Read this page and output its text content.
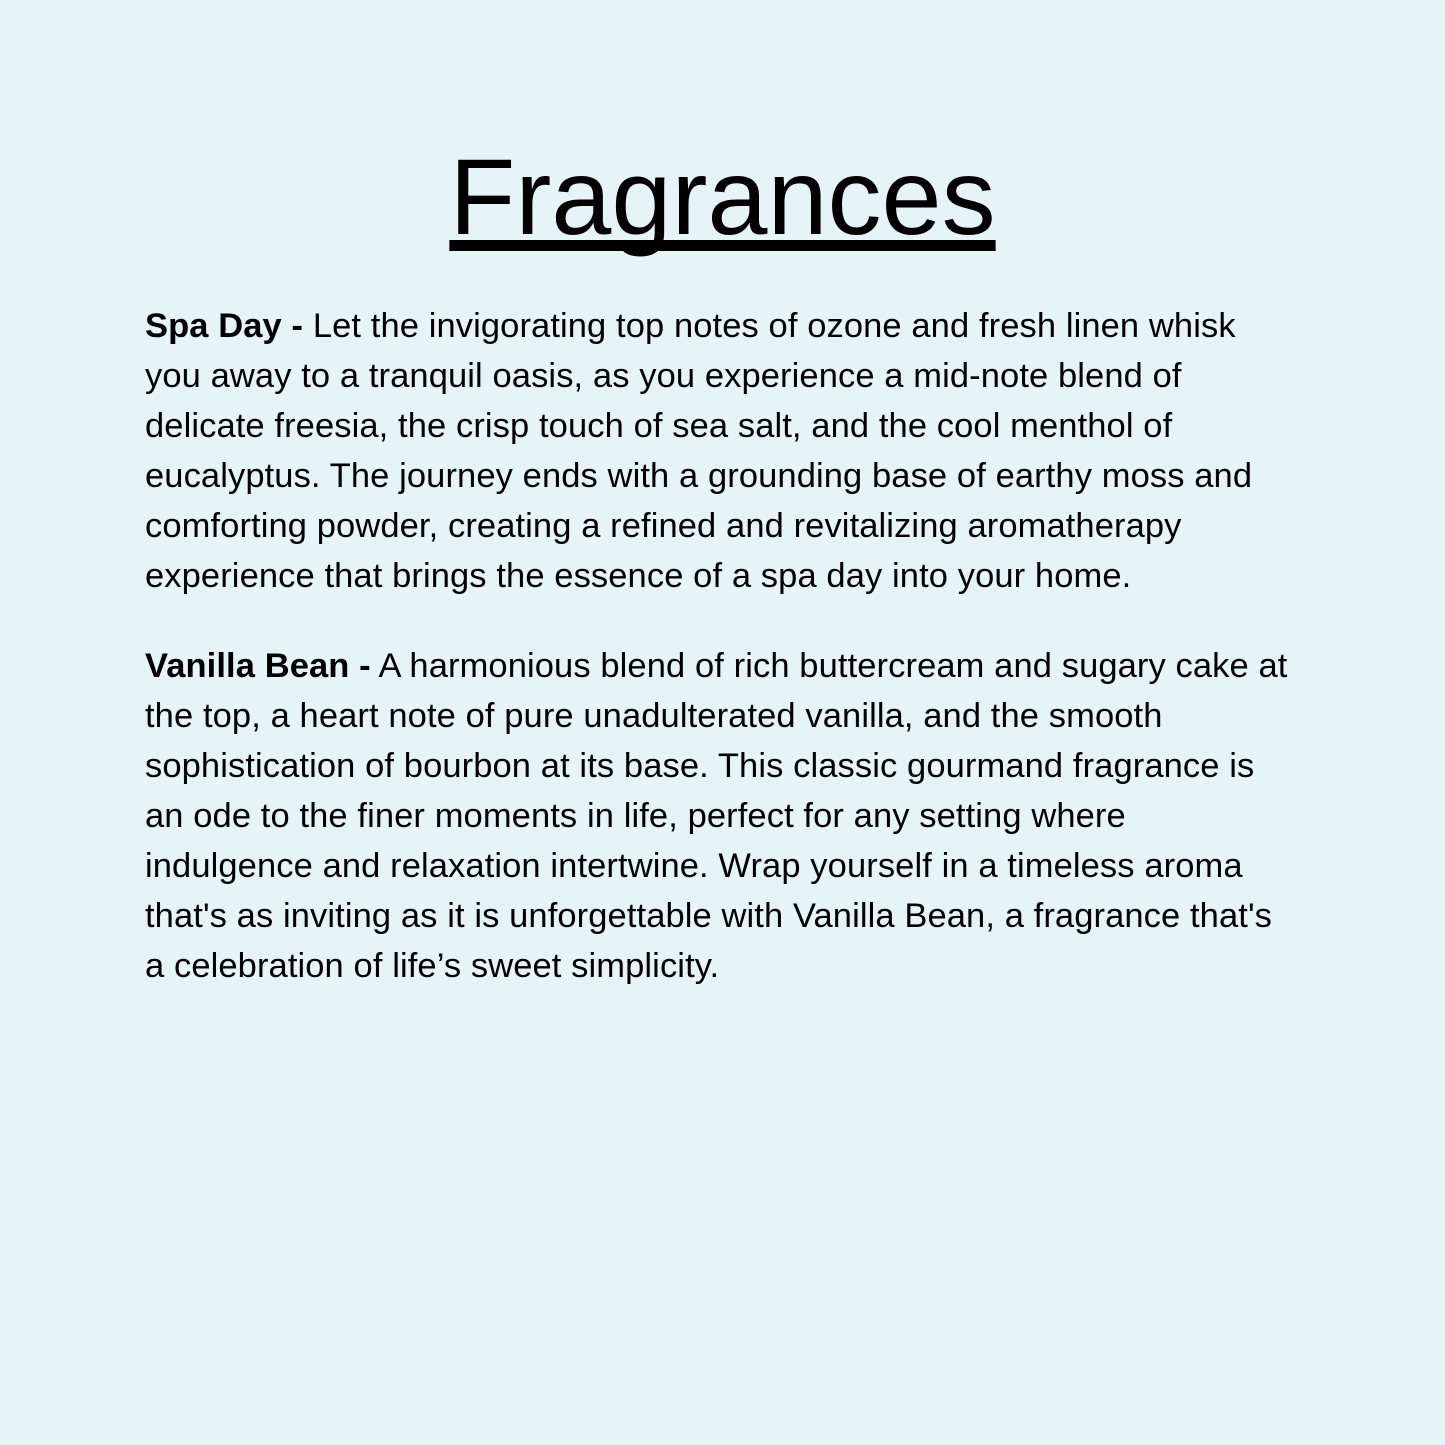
Fragrances

Spa Day - Let the invigorating top notes of ozone and fresh linen whisk you away to a tranquil oasis, as you experience a mid-note blend of delicate freesia, the crisp touch of sea salt, and the cool menthol of eucalyptus. The journey ends with a grounding base of earthy moss and comforting powder, creating a refined and revitalizing aromatherapy experience that brings the essence of a spa day into your home.

Vanilla Bean - A harmonious blend of rich buttercream and sugary cake at the top, a heart note of pure unadulterated vanilla, and the smooth sophistication of bourbon at its base. This classic gourmand fragrance is an ode to the finer moments in life, perfect for any setting where indulgence and relaxation intertwine. Wrap yourself in a timeless aroma that's as inviting as it is unforgettable with Vanilla Bean, a fragrance that's a celebration of life’s sweet simplicity.
